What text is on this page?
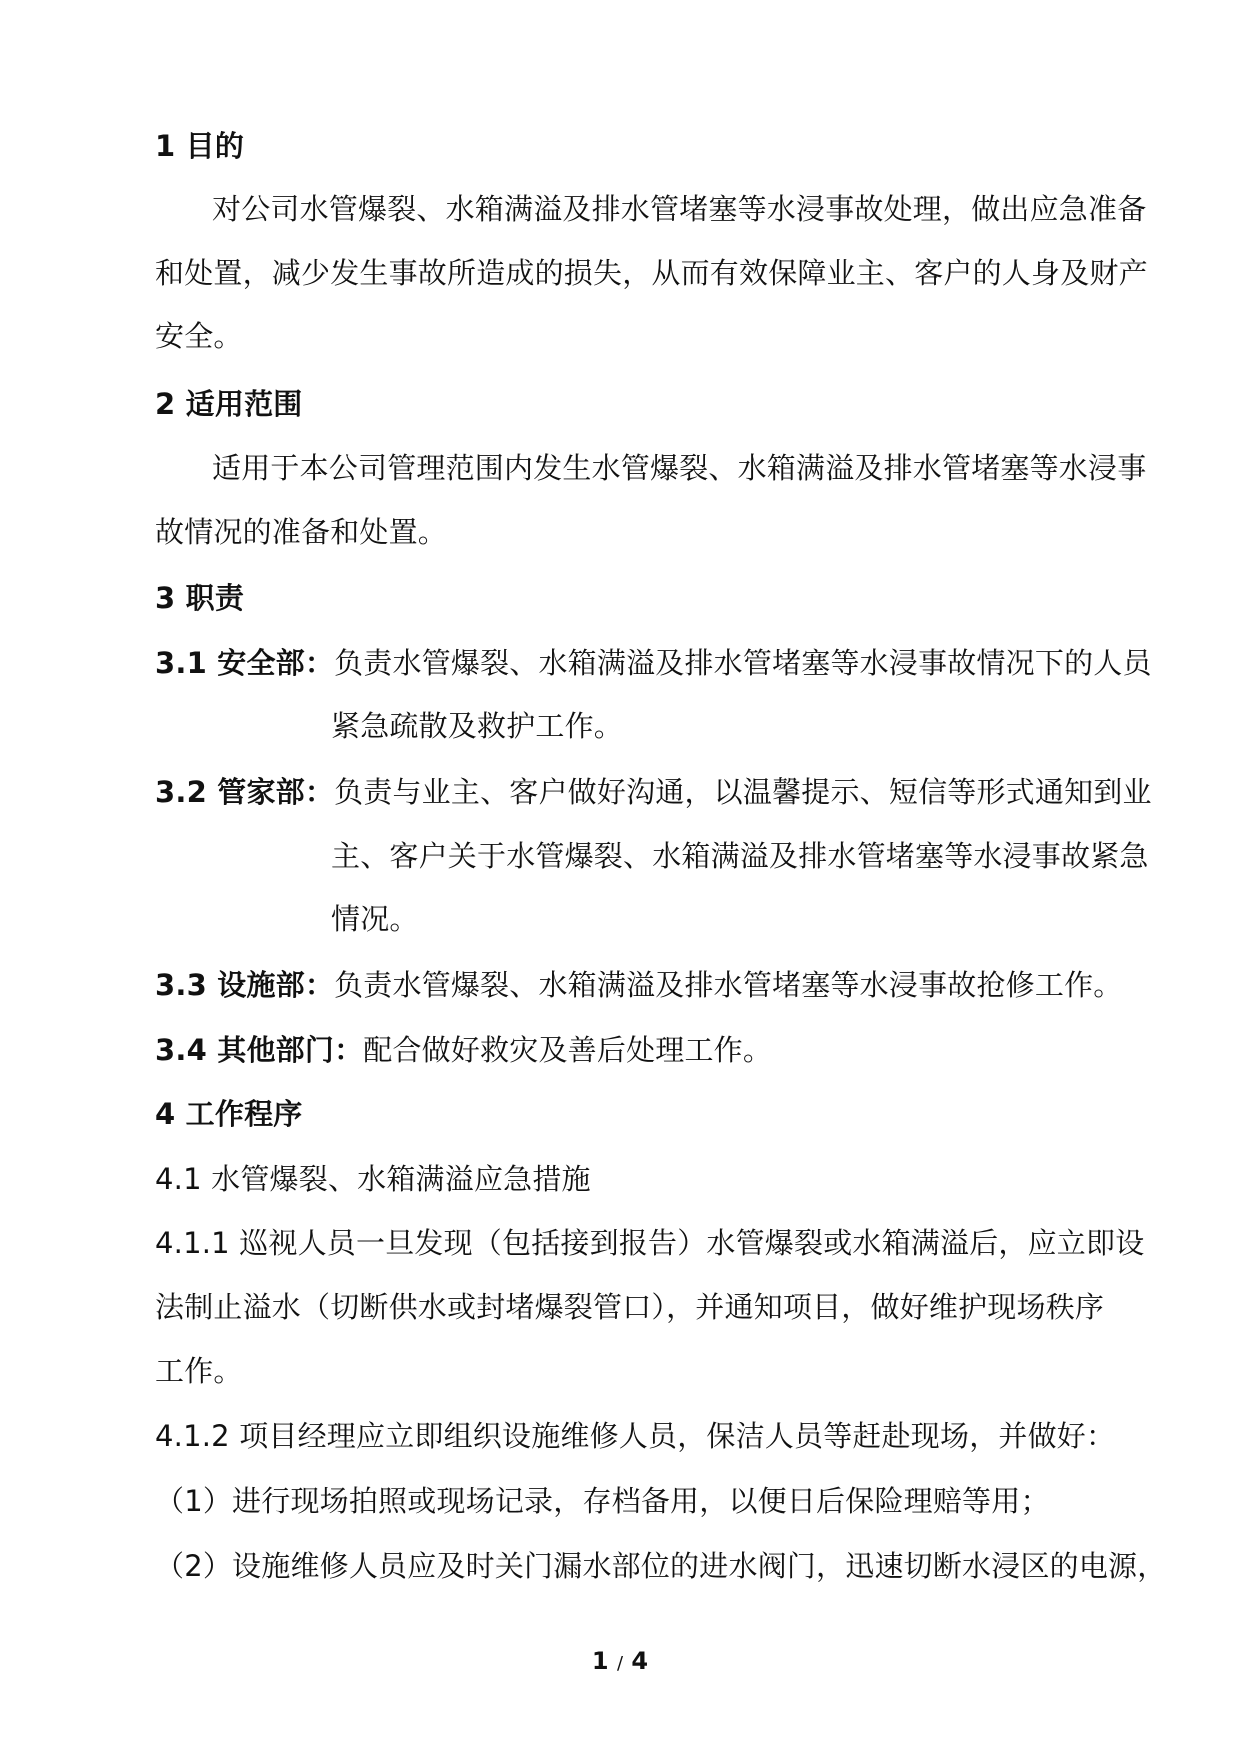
1 目的
对公司水管爆裂、水箱满溢及排水管堵塞等水浸事故处理，做出应急准备
和处置，减少发生事故所造成的损失，从而有效保障业主、客户的人身及财产
安全。
2 适用范围
适用于本公司管理范围内发生水管爆裂、水箱满溢及排水管堵塞等水浸事
故情况的准备和处置。
3 职责
3.1 安全部：负责水管爆裂、水箱满溢及排水管堵塞等水浸事故情况下的人员
紧急疏散及救护工作。
3.2 管家部：负责与业主、客户做好沟通，以温馨提示、短信等形式通知到业
主、客户关于水管爆裂、水箱满溢及排水管堵塞等水浸事故紧急
情况。
3.3 设施部：负责水管爆裂、水箱满溢及排水管堵塞等水浸事故抢修工作。
3.4 其他部门：配合做好救灾及善后处理工作。
4 工作程序
4.1 水管爆裂、水箱满溢应急措施
4.1.1 巡视人员一旦发现（包括接到报告）水管爆裂或水箱满溢后，应立即设
法制止溢水（切断供水或封堵爆裂管口），并通知项目，做好维护现场秩序
工作。
4.1.2 项目经理应立即组织设施维修人员，保洁人员等赶赴现场，并做好：
（1）进行现场拍照或现场记录，存档备用，以便日后保险理赔等用；
（2）设施维修人员应及时关门漏水部位的进水阀门，迅速切断水浸区的电源，
1 / 4
